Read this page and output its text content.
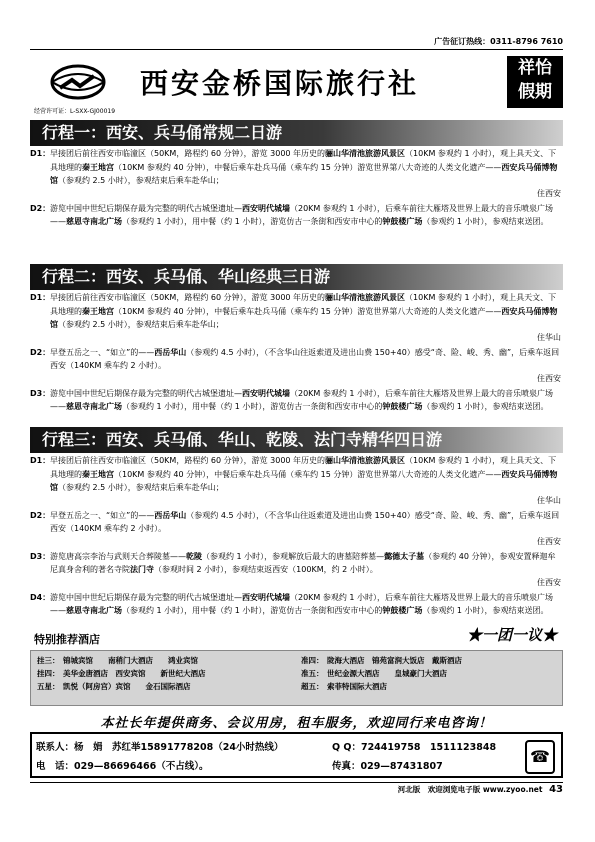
广告征订热线：0311-8796 7610
西安金桥国际旅行社	祥怡
假期
经营许可证：L-SXX-GJ00019
行程一：西安、兵马俑常规二日游
D1： 早接团后前往西安市临潼区（50KM，路程约 60 分钟），游览 3000 年历史的骊山华清池旅游风景区（10KM 参观约 1 小时），观上具天文、下具地理的秦王地宫（10KM 参观约 40 分钟），中餐后乘车赴兵马俑（乘车约 15 分钟）游览世界第八大奇迹的人类文化遗产——西安兵马俑博物馆（参观约 2.5 小时），参观结束后乘车赴华山；
住西安
D2： 游览中国中世纪后期保存最为完整的明代古城堡遗址—西安明代城墙（20KM 参观约 1 小时），后乘车前往大雁塔及世界上最大的音乐喷泉广场——慈恩寺南北广场（参观约 1 小时），用中餐（约 1 小时），游览仿古一条街和西安市中心的钟鼓楼广场（参观约 1 小时），参观结束送团。
行程二：西安、兵马俑、华山经典三日游
D1： 早接团后前往西安市临潼区（50KM，路程约 60 分钟），游览 3000 年历史的骊山华清池旅游风景区（10KM 参观约 1 小时），观上具天文、下具地理的秦王地宫（10KM 参观约 40 分钟），中餐后乘车赴兵马俑（乘车约 15 分钟）游览世界第八大奇迹的人类文化遗产——西安兵马俑博物馆（参观约 2.5 小时），参观结束后乘车赴华山；
住华山
D2： 早登五岳之一、“如立”的——西岳华山（参观约 4.5 小时），（不含华山往返索道及进出山费 150+40）感受“奇、险、峻、秀、幽”，后乘车返回西安（140KM 乘车约 2 小时）。
住西安
D3： 游览中国中世纪后期保存最为完整的明代古城堡遗址—西安明代城墙（20KM 参观约 1 小时），后乘车前往大雁塔及世界上最大的音乐喷泉广场——慈恩寺南北广场（参观约 1 小时），用中餐（约 1 小时），游览仿古一条街和西安市中心的钟鼓楼广场（参观约 1 小时），参观结束送团。
行程三：西安、兵马俑、华山、乾陵、法门寺精华四日游
D1： 早接团后前往西安市临潼区（50KM，路程约 60 分钟），游览 3000 年历史的骊山华清池旅游风景区（10KM 参观约 1 小时），观上具天文、下具地理的秦王地宫（10KM 参观约 40 分钟），中餐后乘车赴兵马俑（乘车约 15 分钟）游览世界第八大奇迹的人类文化遗产——西安兵马俑博物馆（参观约 2.5 小时），参观结束后乘车赴华山；
住华山
D2： 早登五岳之一、“如立”的——西岳华山（参观约 4.5 小时），（不含华山往返索道及进出山费 150+40）感受“奇、险、峻、秀、幽”，后乘车返回西安（140KM 乘车约 2 小时）。
住西安
D3： 游览唐高宗李治与武则天合葬陵墓——乾陵（参观约 1 小时），参观解放后最大的唐墓陪葬墓—懿德太子墓（参观约 40 分钟），参观安置释迦牟尼真身舍利的著名寺院法门寺（参观时间 2 小时），参观结束返西安（100KM，约 2 小时）。
住西安
D4： 游览中国中世纪后期保存最为完整的明代古城堡遗址—西安明代城墙（20KM 参观约 1 小时），后乘车前往大雁塔及世界上最大的音乐喷泉广场——慈恩寺南北广场（参观约 1 小时），用中餐（约 1 小时），游览仿古一条街和西安市中心的钟鼓楼广场（参观约 1 小时），参观结束送团。
特别推荐酒店	★一团一议★
挂三： 锦城宾馆　　南稍门大酒店　　鸿业宾馆
挂四： 美华金唐酒店　西安宾馆　　新世纪大酒店
五星： 凯悦（阿房宫）宾馆　　金石国际酒店
准四： 陇海大酒店　锦苑富润大饭店　戴斯酒店
准五： 世纪金源大酒店　　皇城豪门大酒店
超五： 索菲特国际大酒店
本社长年提供商务、会议用房，租车服务，欢迎同行来电咨询！
联系人：杨　娟　苏红举15891778208（24小时热线）	Q Q：724419758　1511123848
电　话：029—86696466（不占线）。	传真：029—87431807
☎
河北版　欢迎浏览电子版 www.zyoo.net 43
